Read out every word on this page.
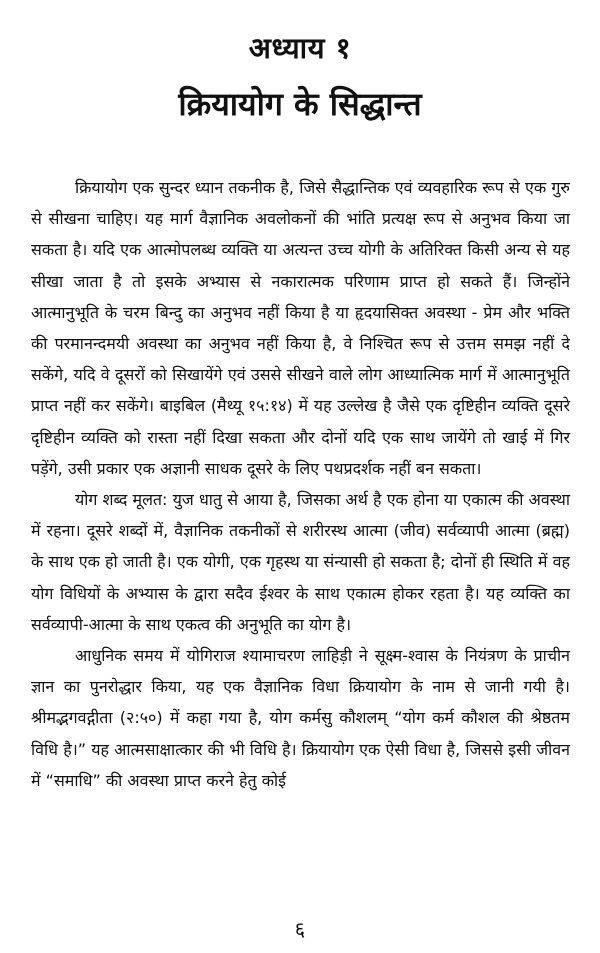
अध्याय १
क्रियायोग के सिद्धान्त

क्रियायोग एक सुन्दर ध्यान तकनीक है, जिसे सैद्धान्तिक एवं व्यवहारिक रूप से एक गुरु से सीखना चाहिए। यह मार्ग वैज्ञानिक अवलोकनों की भांति प्रत्यक्ष रूप से अनुभव किया जा सकता है। यदि एक आत्मोपलब्ध व्यक्ति या अत्यन्त उच्च योगी के अतिरिक्त किसी अन्य से यह सीखा जाता है तो इसके अभ्यास से नकारात्मक परिणाम प्राप्त हो सकते हैं। जिन्होंने आत्मानुभूति के चरम बिन्दु का अनुभव नहीं किया है या हृदयासिक्त अवस्था - प्रेम और भक्ति की परमानन्दमयी अवस्था का अनुभव नहीं किया है, वे निश्चित रूप से उत्तम समझ नहीं दे सकेंगे, यदि वे दूसरों को सिखायेंगे एवं उससे सीखने वाले लोग आध्यात्मिक मार्ग में आत्मानुभूति प्राप्त नहीं कर सकेंगे। बाइबिल (मैथ्यू १५:१४) में यह उल्लेख है जैसे एक दृष्टिहीन व्यक्ति दूसरे दृष्टिहीन व्यक्ति को रास्ता नहीं दिखा सकता और दोनों यदि एक साथ जायेंगे तो खाई में गिर पड़ेंगे, उसी प्रकार एक अज्ञानी साधक दूसरे के लिए पथप्रदर्शक नहीं बन सकता।

योग शब्द मूलत: युज धातु से आया है, जिसका अर्थ है एक होना या एकात्म की अवस्था में रहना। दूसरे शब्दों में, वैज्ञानिक तकनीकों से शरीरस्थ आत्मा (जीव) सर्वव्यापी आत्मा (ब्रह्म) के साथ एक हो जाती है। एक योगी, एक गृहस्थ या संन्यासी हो सकता है; दोनों ही स्थिति में वह योग विधियों के अभ्यास के द्वारा सदैव ईश्वर के साथ एकात्म होकर रहता है। यह व्यक्ति का सर्वव्यापी-आत्मा के साथ एकत्व की अनुभूति का योग है।

आधुनिक समय में योगिराज श्यामाचरण लाहिड़ी ने सूक्ष्म-श्वास के नियंत्रण के प्राचीन ज्ञान का पुनरोद्धार किया, यह एक वैज्ञानिक विधा क्रियायोग के नाम से जानी गयी है। श्रीमद्भगवद्गीता (२:५०) में कहा गया है, योग कर्मसु कौशलम् “योग कर्म कौशल की श्रेष्ठतम विधि है।” यह आत्मसाक्षात्कार की भी विधि है। क्रियायोग एक ऐसी विधा है, जिससे इसी जीवन में “समाधि” की अवस्था प्राप्त करने हेतु कोई

६
